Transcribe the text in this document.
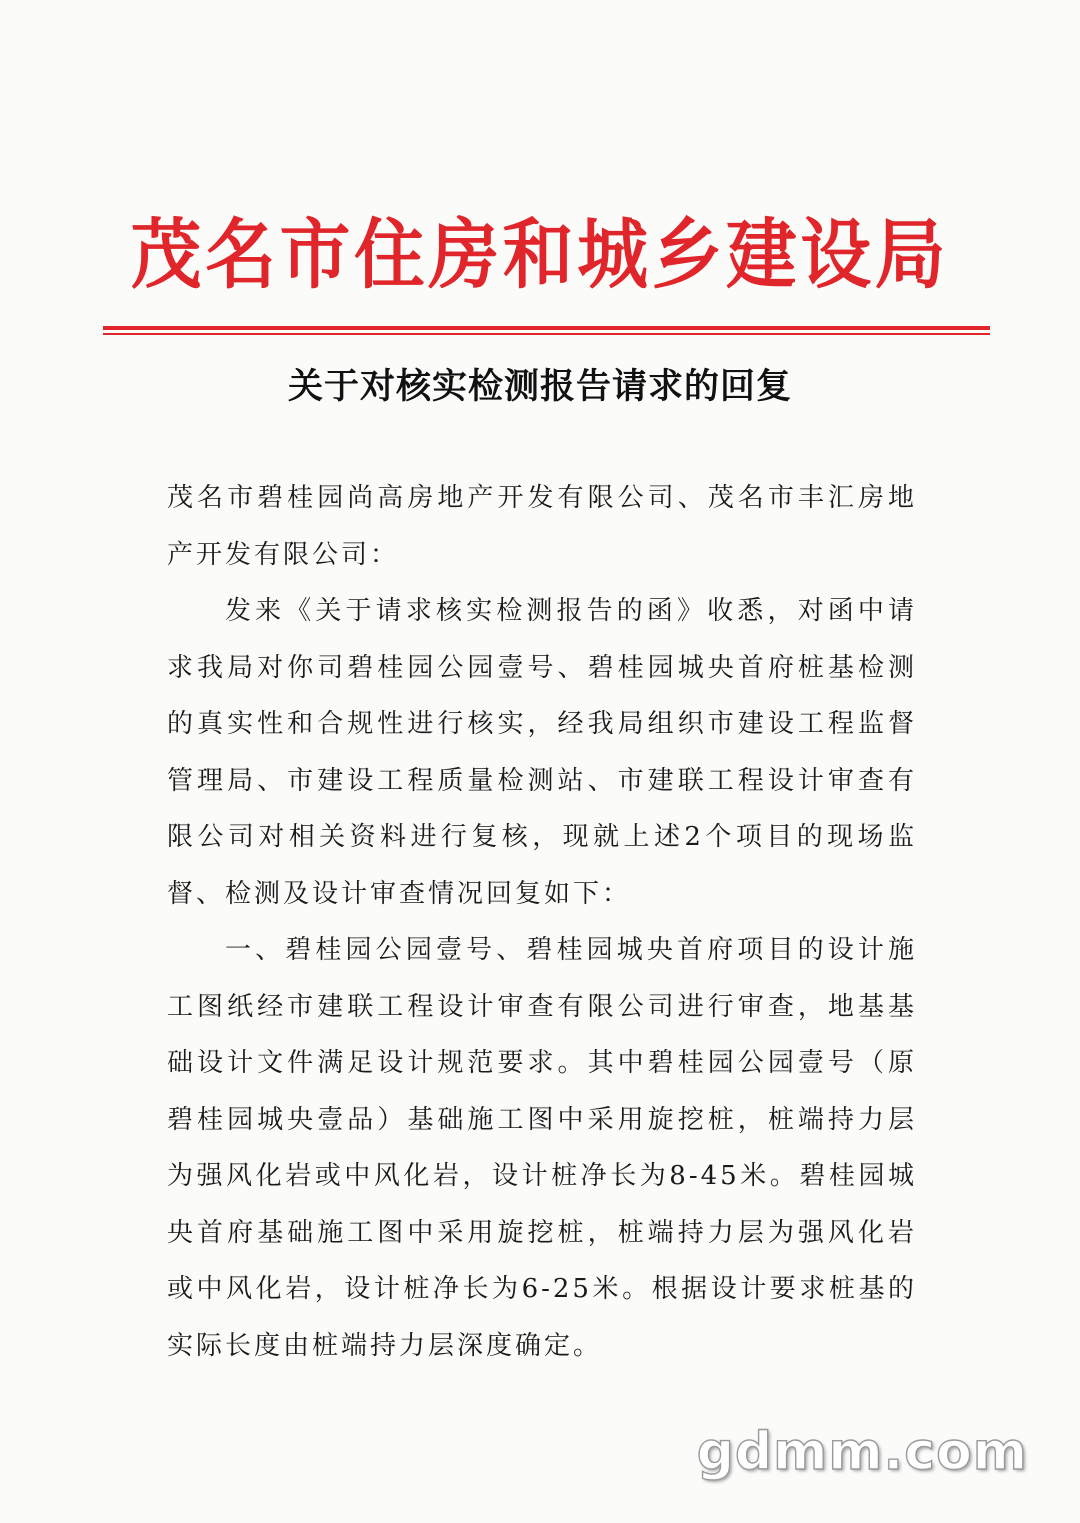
茂名市住房和城乡建设局
关于对核实检测报告请求的回复

茂名市碧桂园尚高房地产开发有限公司、茂名市丰汇房地产开发有限公司：

发来《关于请求核实检测报告的函》收悉，对函中请求我局对你司碧桂园公园壹号、碧桂园城央首府桩基检测的真实性和合规性进行核实，经我局组织市建设工程监督管理局、市建设工程质量检测站、市建联工程设计审查有限公司对相关资料进行复核，现就上述2个项目的现场监督、检测及设计审查情况回复如下：

一、碧桂园公园壹号、碧桂园城央首府项目的设计施工图纸经市建联工程设计审查有限公司进行审查，地基基础设计文件满足设计规范要求。其中碧桂园公园壹号（原碧桂园城央壹品）基础施工图中采用旋挖桩，桩端持力层为强风化岩或中风化岩，设计桩净长为8-45米。碧桂园城央首府基础施工图中采用旋挖桩，桩端持力层为强风化岩或中风化岩，设计桩净长为6-25米。根据设计要求桩基的实际长度由桩端持力层深度确定。

gdmm.com
